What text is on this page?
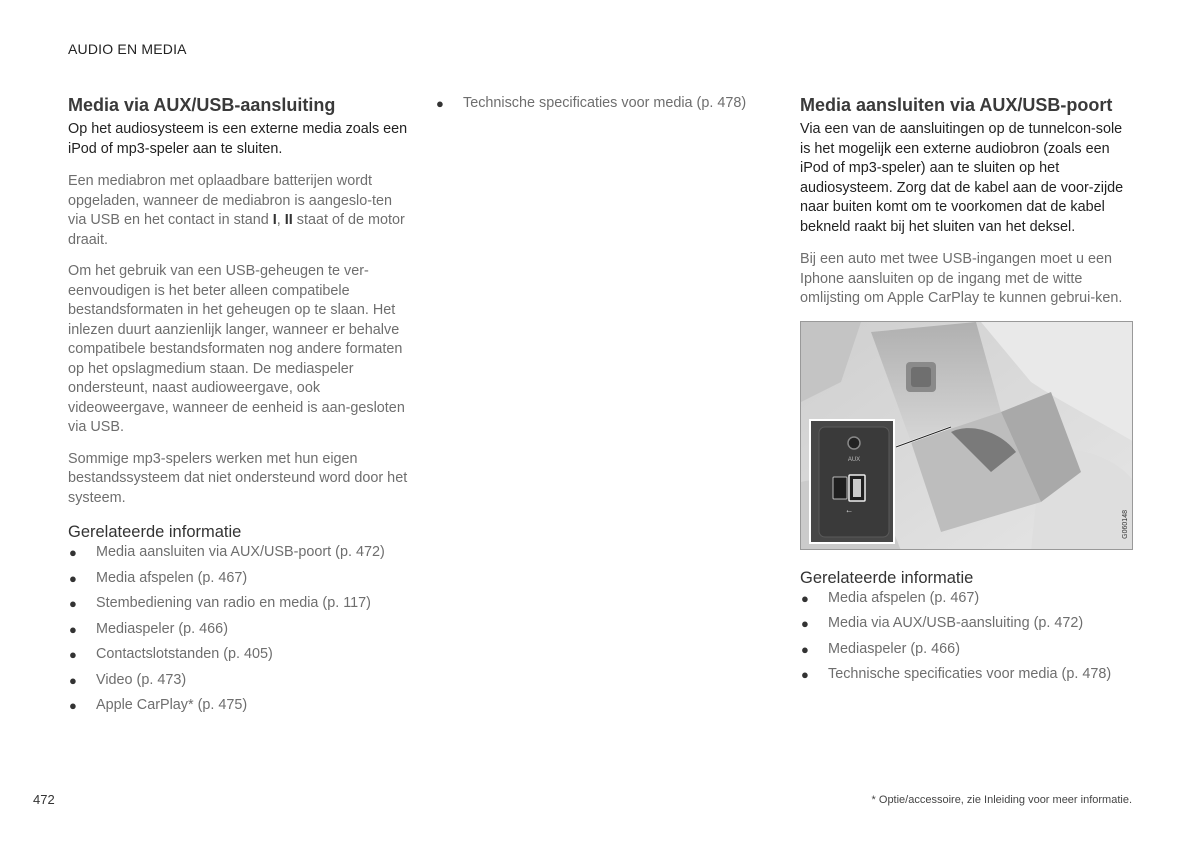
AUDIO EN MEDIA
Media via AUX/USB-aansluiting

Op het audiosysteem is een externe media zoals een iPod of mp3-speler aan te sluiten.

Een mediabron met oplaadbare batterijen wordt opgeladen, wanneer de mediabron is aangeslo-ten via USB en het contact in stand I, II staat of de motor draait.

Om het gebruik van een USB-geheugen te ver-eenvoudigen is het beter alleen compatibele bestandsformaten in het geheugen op te slaan. Het inlezen duurt aanzienlijk langer, wanneer er behalve compatibele bestandsformaten nog andere formaten op het opslagmedium staan. De mediaspeler ondersteunt, naast audioweergave, ook videoweergave, wanneer de eenheid is aan-gesloten via USB.

Sommige mp3-spelers werken met hun eigen bestandssysteem dat niet ondersteund word door het systeem.

Gerelateerde informatie
● Media aansluiten via AUX/USB-poort (p. 472)
● Media afspelen (p. 467)
● Stembediening van radio en media (p. 117)
● Mediaspeler (p. 466)
● Contactslotstanden (p. 405)
● Video (p. 473)
● Apple CarPlay* (p. 475)
● Technische specificaties voor media (p. 478)	Media aansluiten via AUX/USB-poort

Via een van de aansluitingen op de tunnelcon-sole is het mogelijk een externe audiobron (zoals een iPod of mp3-speler) aan te sluiten op het audiosysteem. Zorg dat de kabel aan de voor-zijde naar buiten komt om te voorkomen dat de kabel bekneld raakt bij het sluiten van het deksel.

Bij een auto met twee USB-ingangen moet u een Iphone aansluiten op de ingang met de witte omlijsting om Apple CarPlay te kunnen gebrui-ken.

AUX
⭠	G060148
Gerelateerde informatie
● Media afspelen (p. 467)
● Media via AUX/USB-aansluiting (p. 472)
● Mediaspeler (p. 466)
● Technische specificaties voor media (p. 478)
472	* Optie/accessoire, zie Inleiding voor meer informatie.
